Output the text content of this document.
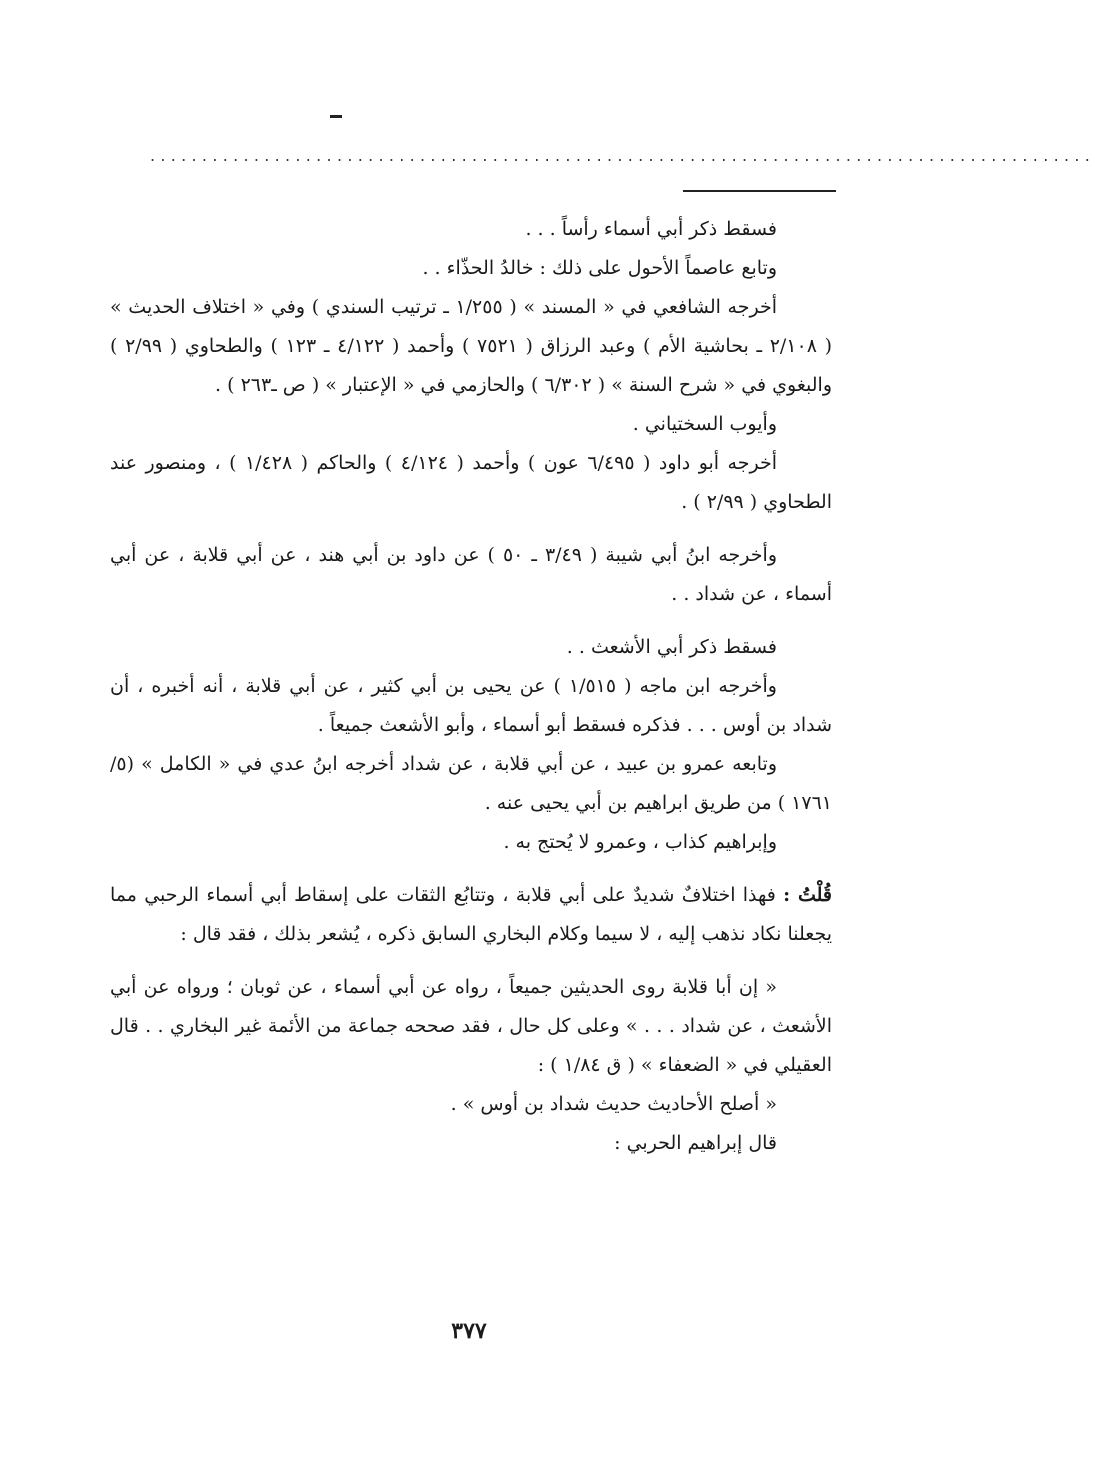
...........................................................................................

فسقط ذكر أبي أسماء رأساً . . .

وتابع عاصماً الأحول على ذلك : خالدُ الحذّاء . .

أخرجه الشافعي في « المسند » ( ١/٢٥٥ ـ ترتيب السندي ) وفي « اختلاف الحديث » ( ٢/١٠٨ ـ بحاشية الأم ) وعبد الرزاق ( ٧٥٢١ ) وأحمد ( ٤/١٢٢ ـ ١٢٣ ) والطحاوي ( ٢/٩٩ ) والبغوي في « شرح السنة » ( ٦/٣٠٢ ) والحازمي في « الإعتبار » ( ص ـ٢٦٣ ) .

وأيوب السختياني .

أخرجه أبو داود ( ٦/٤٩٥ عون ) وأحمد ( ٤/١٢٤ ) والحاكم ( ١/٤٢٨ ) ، ومنصور عند الطحاوي ( ٢/٩٩ ) .

وأخرجه ابنُ أبي شيبة ( ٣/٤٩ ـ ٥٠ ) عن داود بن أبي هند ، عن أبي قلابة ، عن أبي أسماء ، عن شداد . .

فسقط ذكر أبي الأشعث . .

وأخرجه ابن ماجه ( ١/٥١٥ ) عن يحيى بن أبي كثير ، عن أبي قلابة ، أنه أخبره ، أن شداد بن أوس . . . فذكره فسقط أبو أسماء ، وأبو الأشعث جميعاً .

وتابعه عمرو بن عبيد ، عن أبي قلابة ، عن شداد أخرجه ابنُ عدي في « الكامل » (٥/ ١٧٦١ ) من طريق ابراهيم بن أبي يحيى عنه .

وإبراهيم كذاب ، وعمرو لا يُحتج به .

قُلْتُ : فهذا اختلافٌ شديدٌ على أبي قلابة ، وتتابُع الثقات على إسقاط أبي أسماء الرحبي مما يجعلنا نكاد نذهب إليه ، لا سيما وكلام البخاري السابق ذكره ، يُشعر بذلك ، فقد قال :

« إن أبا قلابة روى الحديثين جميعاً ، رواه عن أبي أسماء ، عن ثوبان ؛ ورواه عن أبي الأشعث ، عن شداد . . . » وعلى كل حال ، فقد صححه جماعة من الأئمة غير البخاري . . قال العقيلي في « الضعفاء » ( ق ١/٨٤ ) :

« أصلح الأحاديث حديث شداد بن أوس » .

قال إبراهيم الحربي :

٣٧٧
